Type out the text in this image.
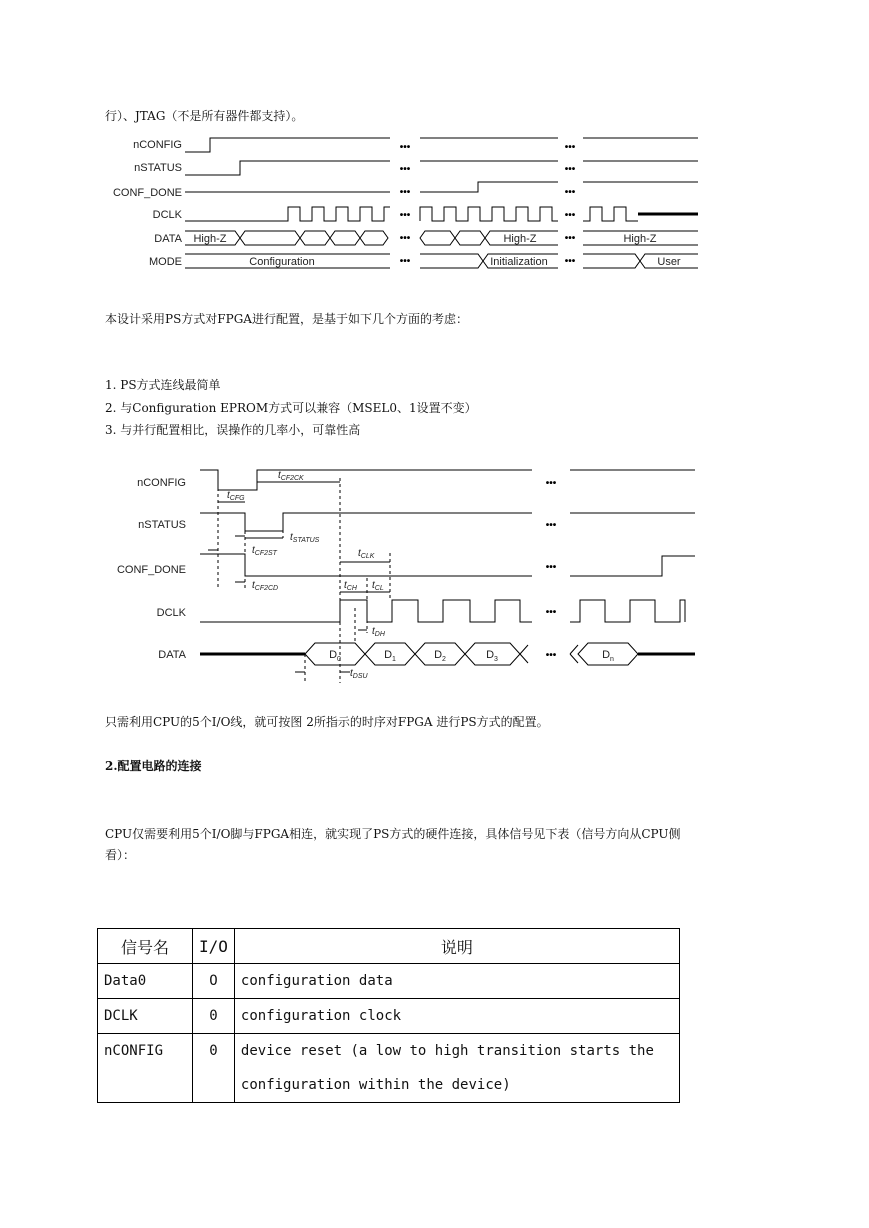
行）、JTAG（不是所有器件都支持）。
nCONFIG
nSTATUS
CONF_DONE
DCLK
DATA
MODE
High-Z	High-Z	High-Z
Configuration	Initialization	User
•••	•••
•••	•••
•••	•••
•••	•••
•••	•••
•••	•••
本设计采用PS方式对FPGA进行配置，是基于如下几个方面的考虑：
1. PS方式连线最简单
2. 与Configuration EPROM方式可以兼容（MSEL0、1设置不变）
3. 与并行配置相比，误操作的几率小，可靠性高
nCONFIG
nSTATUS
CONF_DONE
DCLK
DATA
$t_{CFG}$
$t_{CF2CK}$
$t_{CF2ST}$
$t_{STATUS}$
$t_{CF2CD}$
$t_{CLK}$
$t_{CH}$ $t_{CL}$
$t_{DH}$
$t_{DSU}$
$D_0$	$D_1$	$D_2$	$D_3$	$D_n$
•••
•••
•••
•••
•••
只需利用CPU的5个I/O线，就可按图 2所指示的时序对FPGA 进行PS方式的配置。
2.配置电路的连接
CPU仅需要利用5个I/O脚与FPGA相连，就实现了PS方式的硬件连接，具体信号见下表（信号方向从CPU侧
看）：
信号名	I/O	说明
Data0	O	configuration data
DCLK	0	configuration clock
nCONFIG	0	device reset (a low to high transition starts the
configuration within the device)
